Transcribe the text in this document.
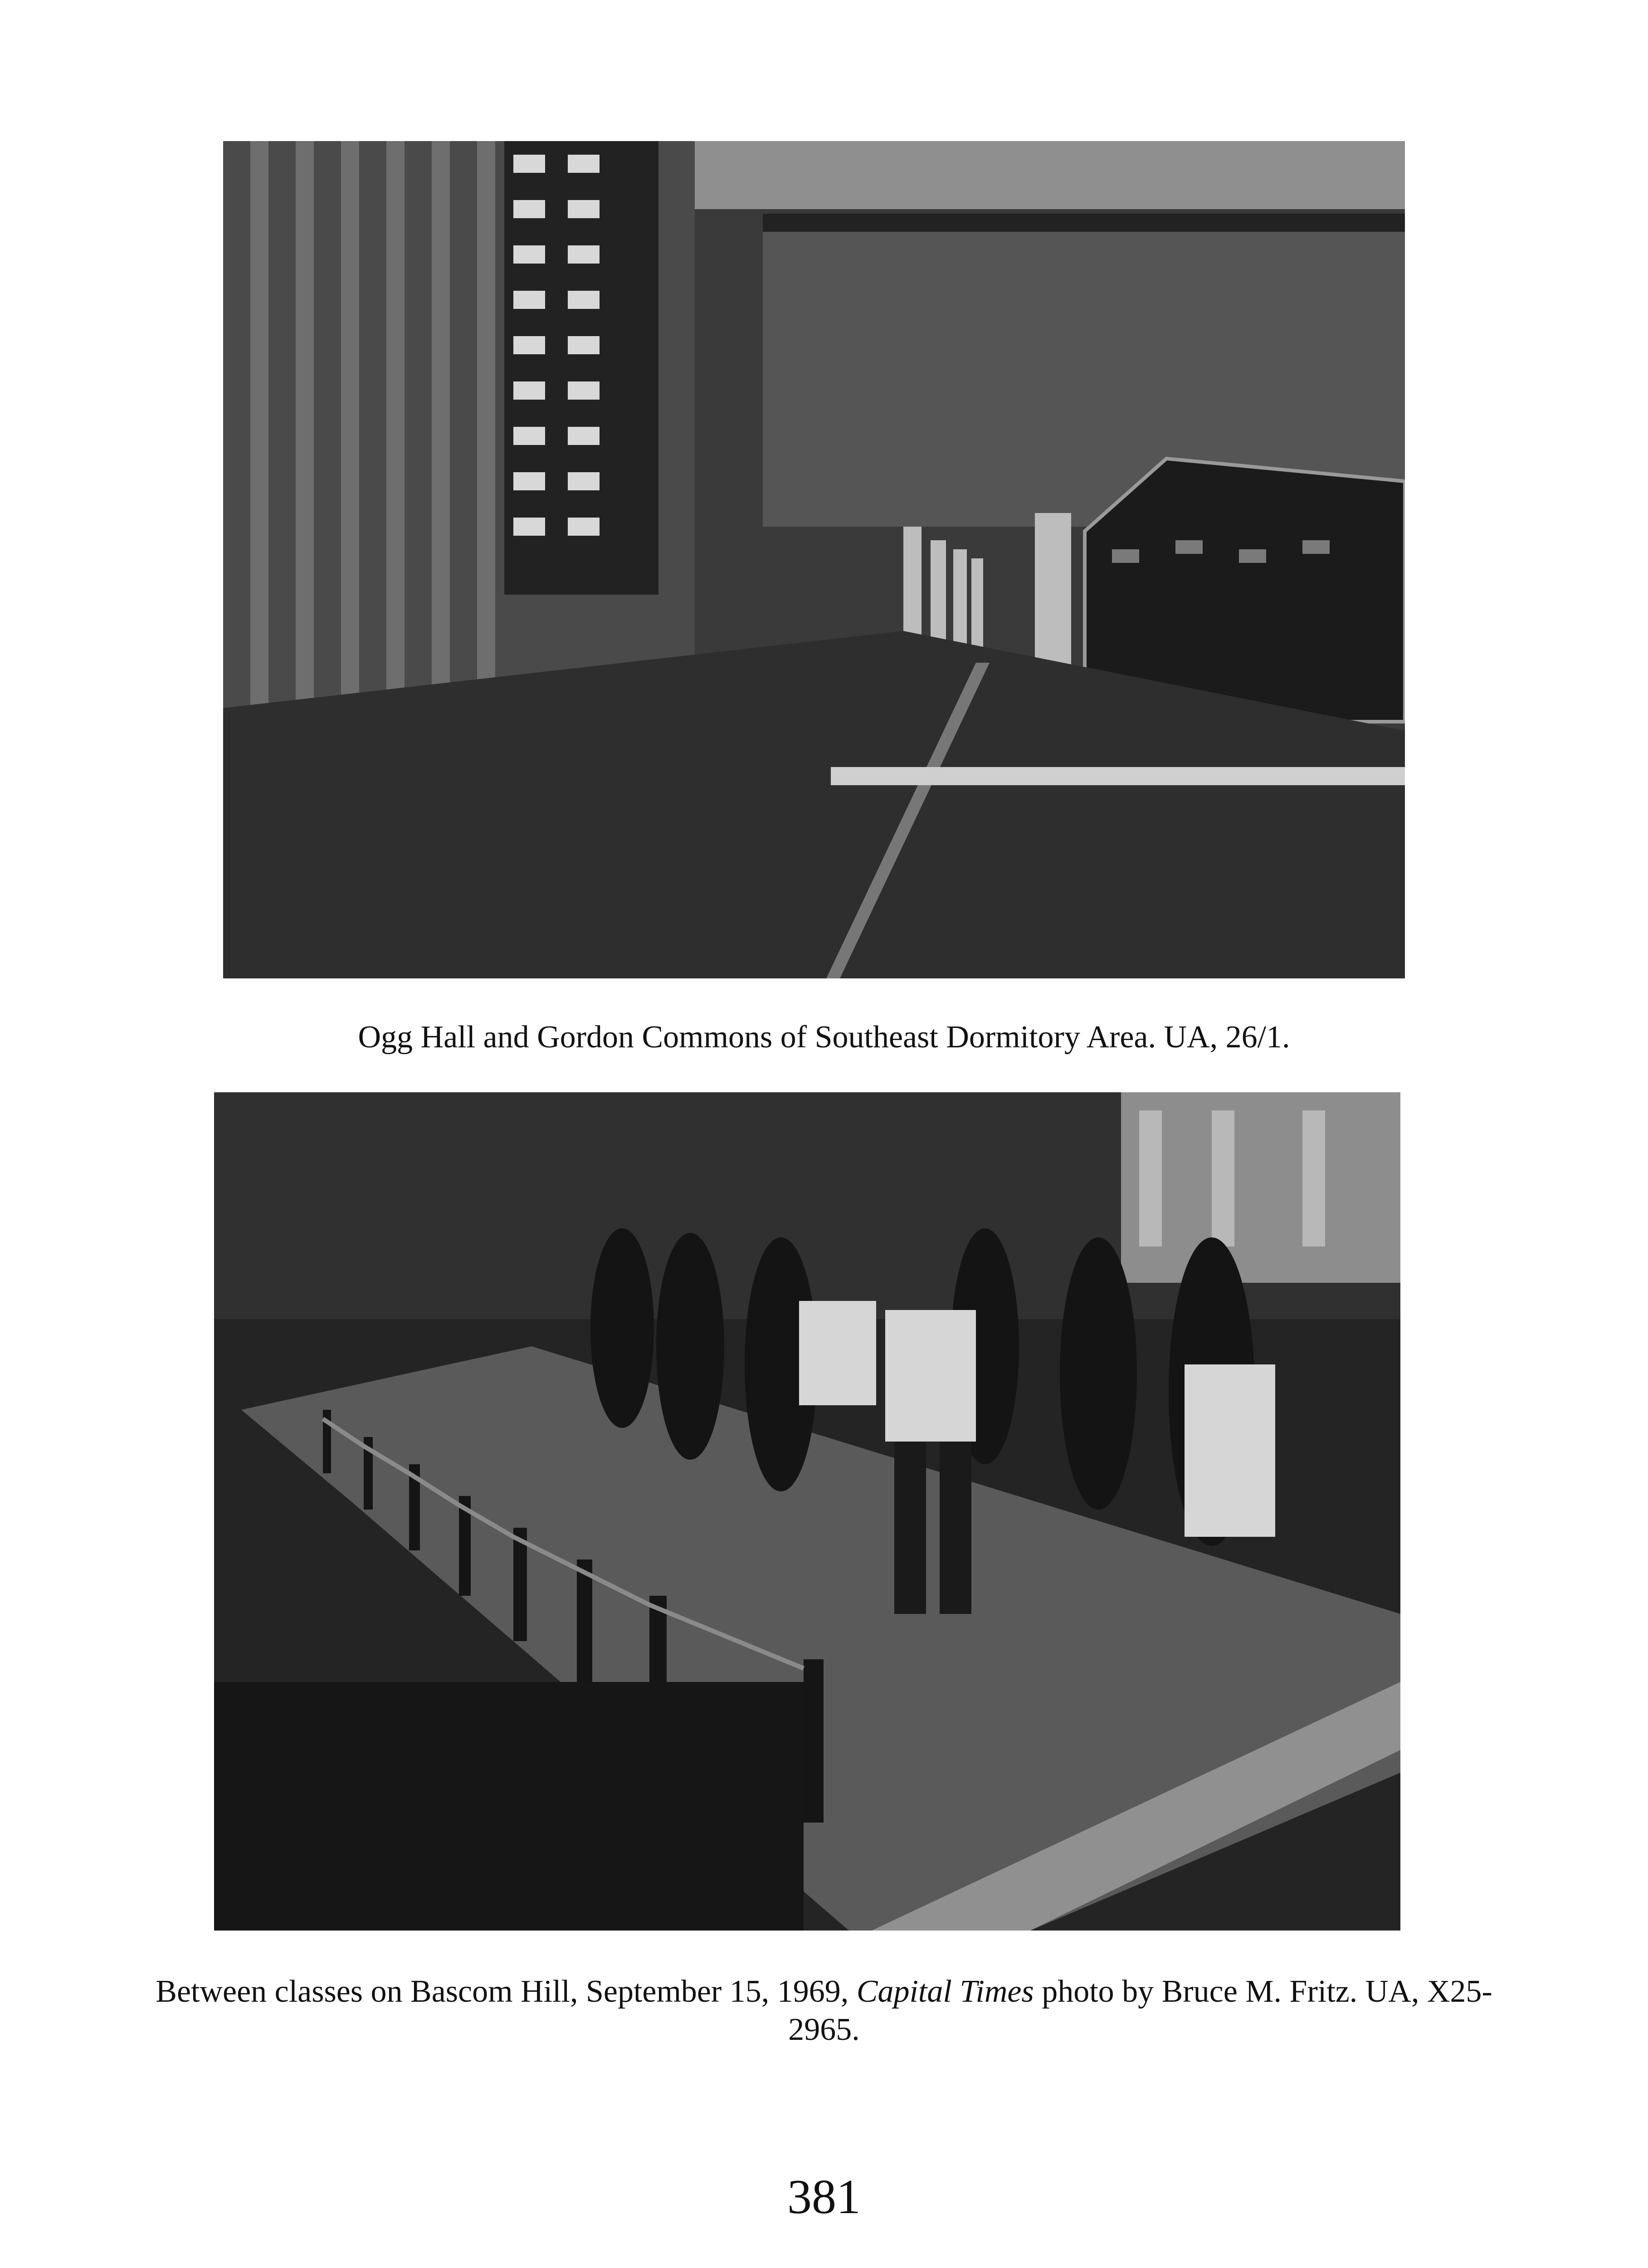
Ogg Hall and Gordon Commons of Southeast Dormitory Area. UA, 26/1.
Between classes on Bascom Hill, September 15, 1969, Capital Times photo by Bruce M. Fritz. UA, X25-2965.
381
